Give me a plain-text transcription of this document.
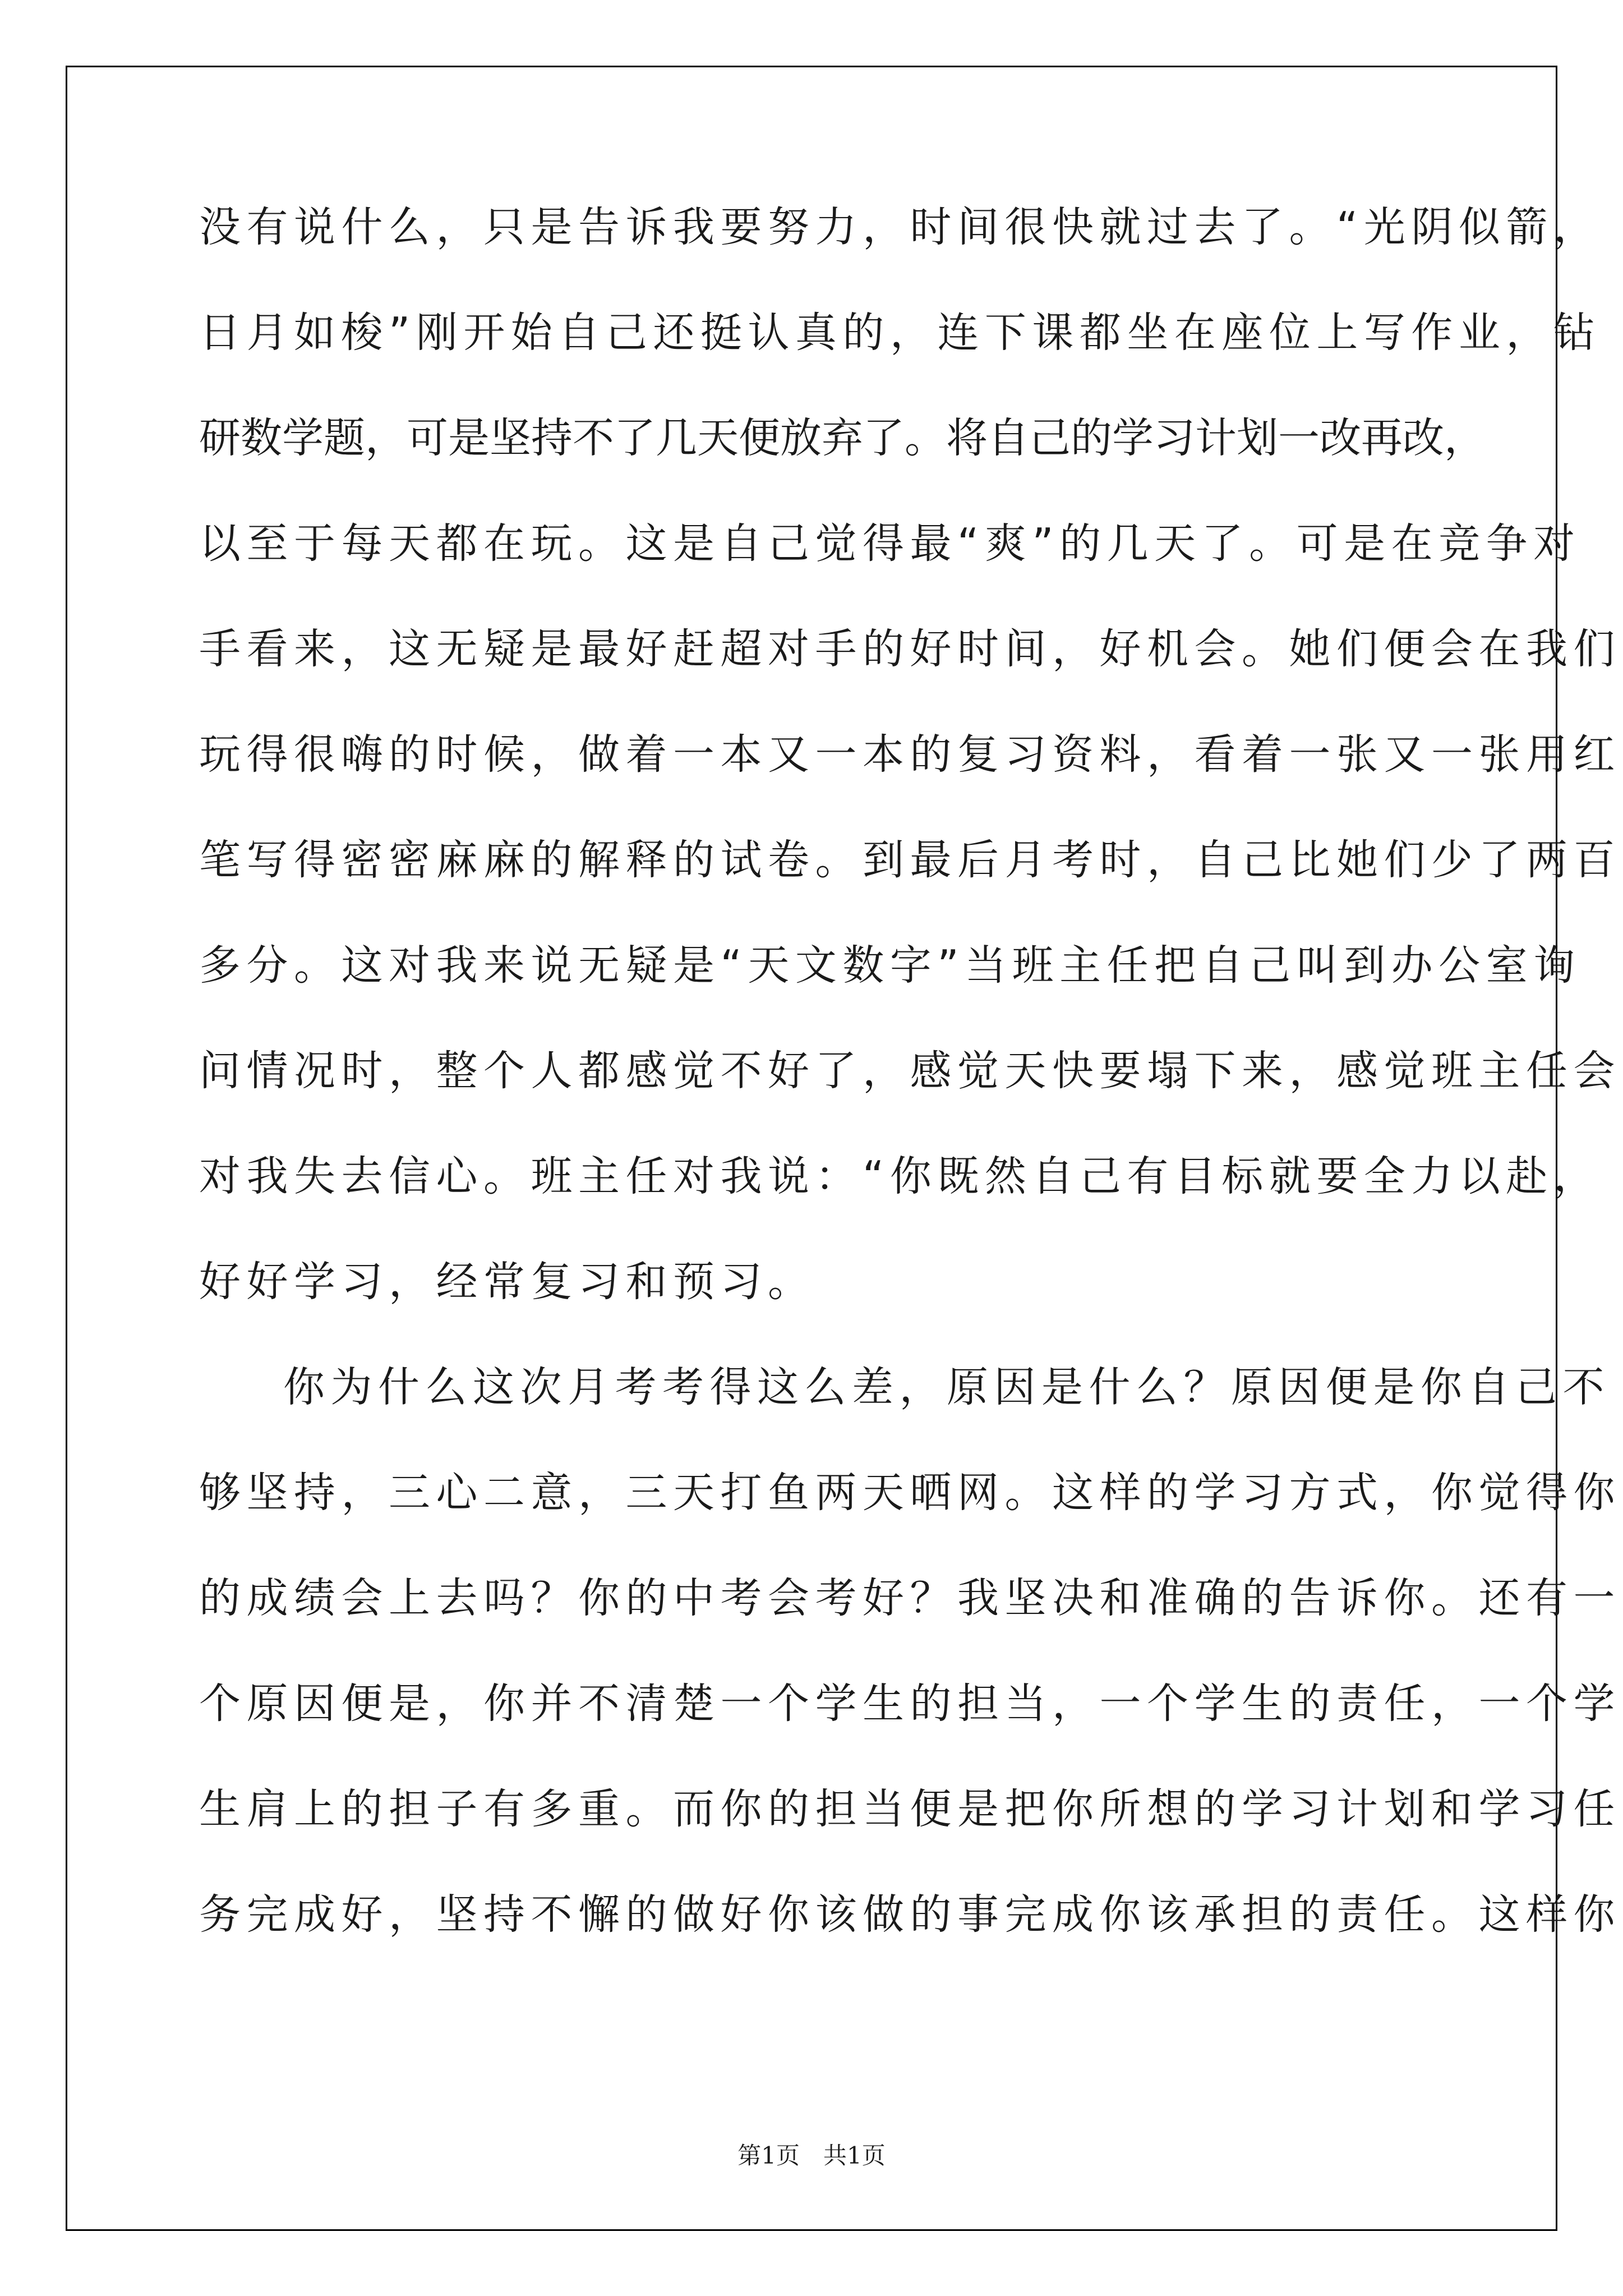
没有说什么，只是告诉我要努力，时间很快就过去了。“光阴似箭，
日月如梭”刚开始自己还挺认真的，连下课都坐在座位上写作业，钻
研数学题，可是坚持不了几天便放弃了。将自己的学习计划一改再改，
以至于每天都在玩。这是自己觉得最“爽”的几天了。可是在竞争对
手看来，这无疑是最好赶超对手的好时间，好机会。她们便会在我们
玩得很嗨的时候，做着一本又一本的复习资料，看着一张又一张用红
笔写得密密麻麻的解释的试卷。到最后月考时，自己比她们少了两百
多分。这对我来说无疑是“天文数字”当班主任把自己叫到办公室询
问情况时，整个人都感觉不好了，感觉天快要塌下来，感觉班主任会
对我失去信心。班主任对我说：“你既然自己有目标就要全力以赴，
好好学习，经常复习和预习。
你为什么这次月考考得这么差，原因是什么？原因便是你自己不
够坚持，三心二意，三天打鱼两天晒网。这样的学习方式，你觉得你
的成绩会上去吗？你的中考会考好？我坚决和准确的告诉你。还有一
个原因便是，你并不清楚一个学生的担当，一个学生的责任，一个学
生肩上的担子有多重。而你的担当便是把你所想的学习计划和学习任
务完成好，坚持不懈的做好你该做的事完成你该承担的责任。这样你
第1页　共1页
